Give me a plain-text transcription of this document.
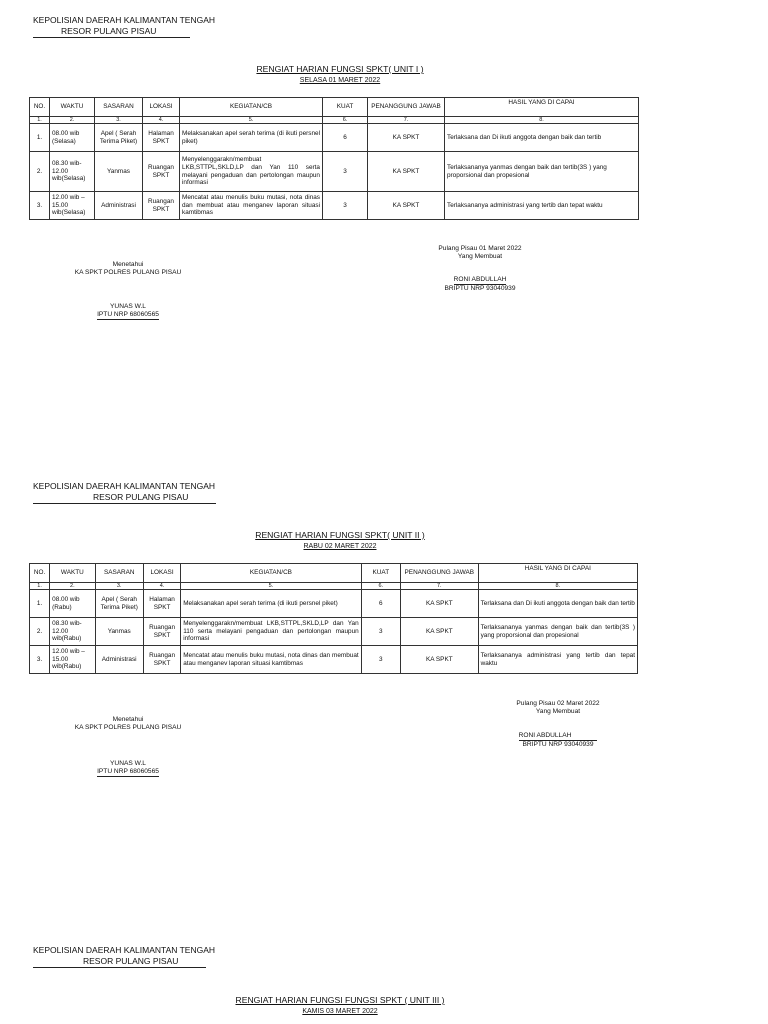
KEPOLISIAN DAERAH KALIMANTAN TENGAH
RESOR PULANG PISAU
RENGIAT HARIAN FUNGSI SPKT( UNIT I )
SELASA 01 MARET 2022
NO.	WAKTU	SASARAN	LOKASI	KEGIATAN/CB	KUAT	PENANGGUNG JAWAB	HASIL YANG DI CAPAI
1.	2.	3.	4.	5.	6.	7.	8.
1.	08.00 wib (Selasa)	Apel ( Serah Terima Piket)	Halaman SPKT	Melaksanakan apel serah terima (di ikuti persnel piket)	6	KA SPKT	Terlaksana dan Di ikuti anggota dengan baik dan tertib
2.	08.30 wib- 12.00 wib(Selasa)	Yanmas	Ruangan SPKT	Menyelenggarakn/membuat LKB,STTPL,SKLD,LP dan Yan 110 serta melayani pengaduan dan pertolongan maupun informasi	3	KA SPKT	Terlaksananya yanmas dengan baik dan tertib(3S ) yang proporsional dan propesional
3.	12.00 wib – 15.00 wib(Selasa)	Administrasi	Ruangan SPKT	Mencatat atau menulis buku mutasi, nota dinas dan membuat atau menganev laporan situasi kamtibmas	3	KA SPKT	Terlaksananya administrasi yang tertib dan tepat waktu
Pulang Pisau 01 Maret 2022
Yang Membuat
RONI ABDULLAH
BRIPTU NRP 93040939
Menetahui
KA SPKT POLRES PULANG PISAU
YUNAS W.L
IPTU NRP 68060565
KEPOLISIAN DAERAH KALIMANTAN TENGAH
RESOR PULANG PISAU
RENGIAT HARIAN FUNGSI SPKT( UNIT II )
RABU 02 MARET 2022
NO.	WAKTU	SASARAN	LOKASI	KEGIATAN/CB	KUAT	PENANGGUNG JAWAB	HASIL YANG DI CAPAI
1.	2.	3.	4.	5.	6.	7.	8.
1.	08.00 wib (Rabu)	Apel ( Serah Terima Piket)	Halaman SPKT	Melaksanakan apel serah terima (di ikuti persnel piket)	6	KA SPKT	Terlaksana dan Di ikuti anggota dengan baik dan tertib
2.	08.30 wib- 12.00 wib(Rabu)	Yanmas	Ruangan SPKT	Menyelenggarakn/membuat LKB,STTPL,SKLD,LP dan Yan 110 serta melayani pengaduan dan pertolongan maupun informasi	3	KA SPKT	Terlaksananya yanmas dengan baik dan tertib(3S ) yang proporsional dan propesional
3.	12.00 wib – 15.00 wib(Rabu)	Administrasi	Ruangan SPKT	Mencatat atau menulis buku mutasi, nota dinas dan membuat atau menganev laporan situasi kamtibmas	3	KA SPKT	Terlaksananya administrasi yang tertib dan tepat waktu
Pulang Pisau 02 Maret 2022
Yang Membuat
RONI ABDULLAH
BRIPTU NRP 93040939
Menetahui
KA SPKT POLRES PULANG PISAU
YUNAS W.L
IPTU NRP 68060565
KEPOLISIAN DAERAH KALIMANTAN TENGAH
RESOR PULANG PISAU
RENGIAT HARIAN FUNGSI FUNGSI SPKT ( UNIT III )
KAMIS 03 MARET 2022
